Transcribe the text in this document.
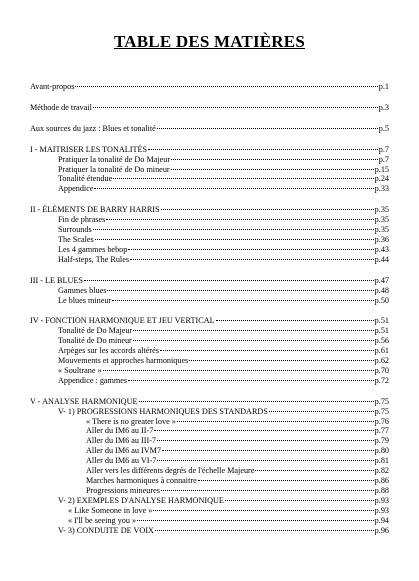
TABLE DES MATIÈRES
Avant-propos	p.1
Méthode de travail	p.3
Aux sources du jazz : Blues et tonalité	p.5
I - MAITRISER LES TONALITÉS	p.7
Pratiquer la tonalité de Do Majeur	p.7
Pratiquer la tonalité de Do mineur	p.15
Tonalité étendue	p.24
Appendice	p.33
II - ÉLÉMENTS DE BARRY HARRIS	p.35
Fin de phrases	p.35
Surrounds	p.35
The Scales	p.36
Les 4 gammes bebop	p.43
Half-steps, The Rules	p.44
III - LE BLUES	p.47
Gammes blues	p.48
Le blues mineur	p.50
IV - FONCTION HARMONIQUE ET JEU VERTICAL	p.51
Tonalité de Do Majeur	p.51
Tonalité de Do mineur	p.56
Arpèges sur les accords altérés	p.61
Mouvements et approches harmoniques	p.62
« Soultrane »	p.70
Appendice : gammes	p.72
V - ANALYSE HARMONIQUE	p.75
V- 1) PROGRESSIONS HARMONIQUES DES STANDARDS	p.75
« There is no greater love »	p.76
Aller du IM6 au II-7	p.77
Aller du IM6 au III-7	p.79
Aller du IM6 au IVM7	p.80
Aller du IM6 au VI-7	p.81
Aller vers les différents degrés de l'échelle Majeure	p.82
Marches harmoniques à connaitre	p.86
Progressions mineures	p.88
V- 2) EXEMPLES D'ANALYSE HARMONIQUE	p.93
« Like Someone in love »	p.93
« I'll be seeing you »	p.94
V- 3) CONDUITE DE VOIX	p.96
